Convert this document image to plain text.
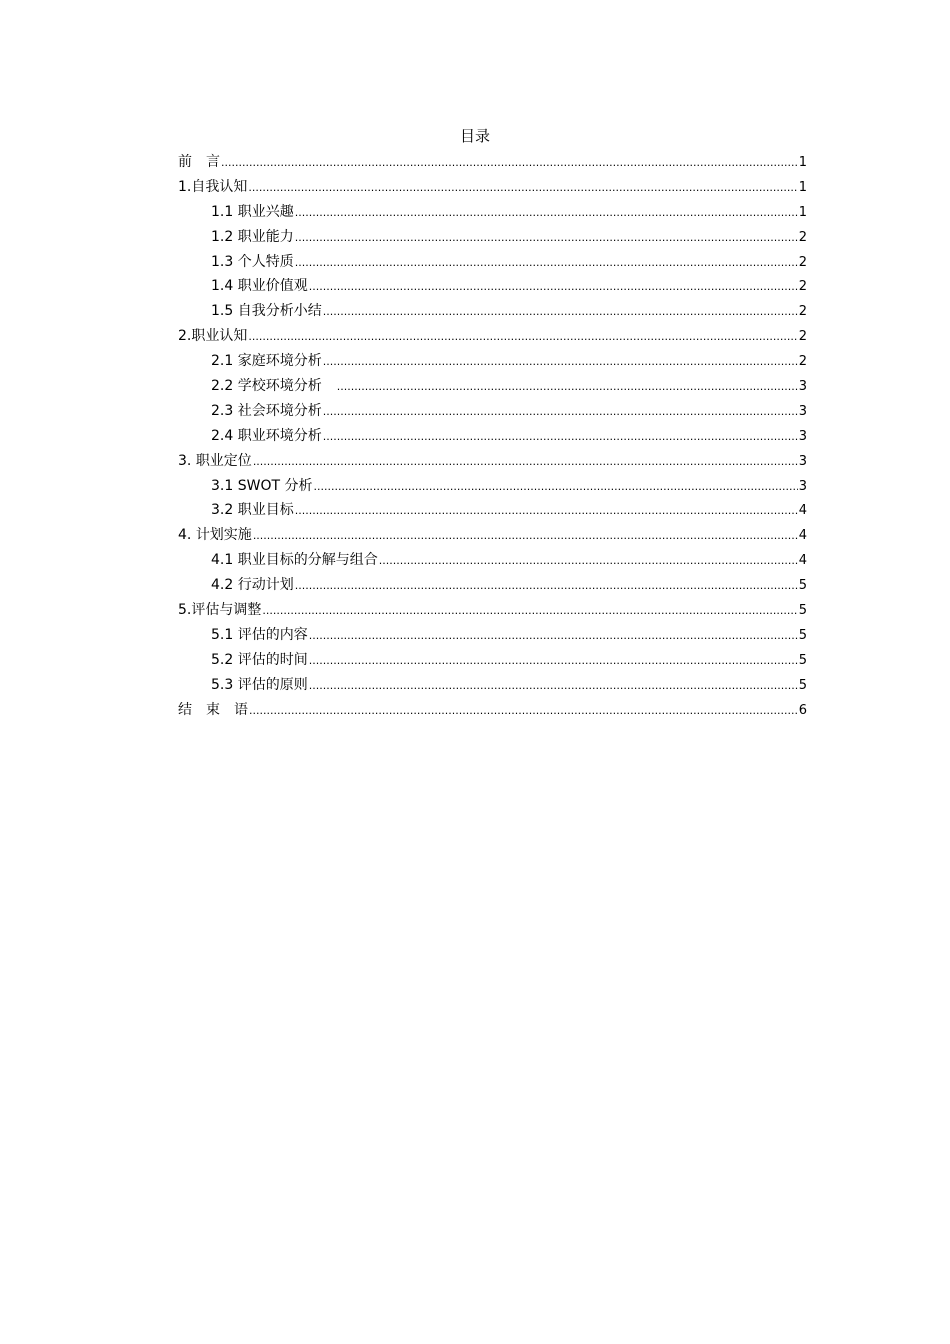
目录
前　言 .....	1
1.自我认知 .....	1
1.1 职业兴趣 .....	1
1.2 职业能力 .....	2
1.3 个人特质 .....	2
1.4 职业价值观 .....	2
1.5 自我分析小结 .....	2
2.职业认知 .....	2
2.1 家庭环境分析 .....	2
2.2 学校环境分析　 .....	3
2.3 社会环境分析 .....	3
2.4 职业环境分析 .....	3
3. 职业定位 .....	3
3.1 SWOT 分析 .....	3
3.2 职业目标 .....	4
4. 计划实施 .....	4
4.1 职业目标的分解与组合 .....	4
4.2 行动计划 .....	5
5.评估与调整 .....	5
5.1 评估的内容 .....	5
5.2 评估的时间 .....	5
5.3 评估的原则 .....	5
结　束　语 .....	6
